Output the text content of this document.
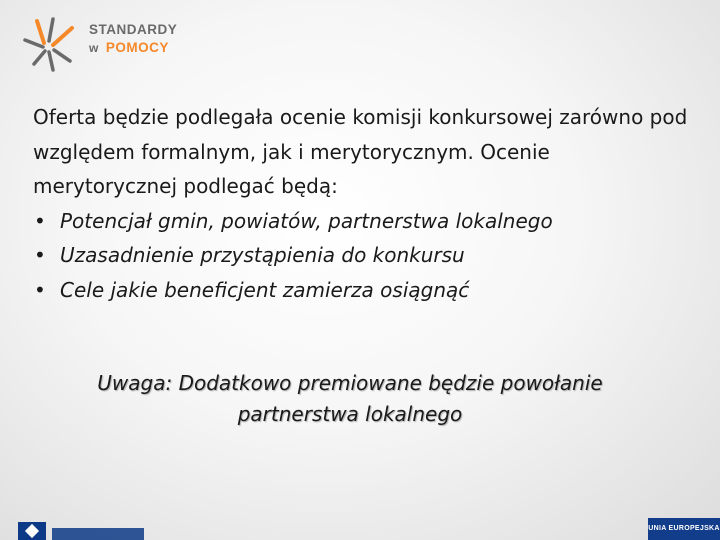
STANDARDY
w POMOCY

Oferta będzie podlegała ocenie komisji konkursowej zarówno pod względem formalnym, jak i merytorycznym. Ocenie merytorycznej podlegać będą:

• Potencjał gmin, powiatów, partnerstwa lokalnego
• Uzasadnienie przystąpienia do konkursu
• Cele jakie beneficjent zamierza osiągnąć
Uwaga: Dodatkowo premiowane będzie powołanie partnerstwa lokalnego
UNIA EUROPEJSKA
